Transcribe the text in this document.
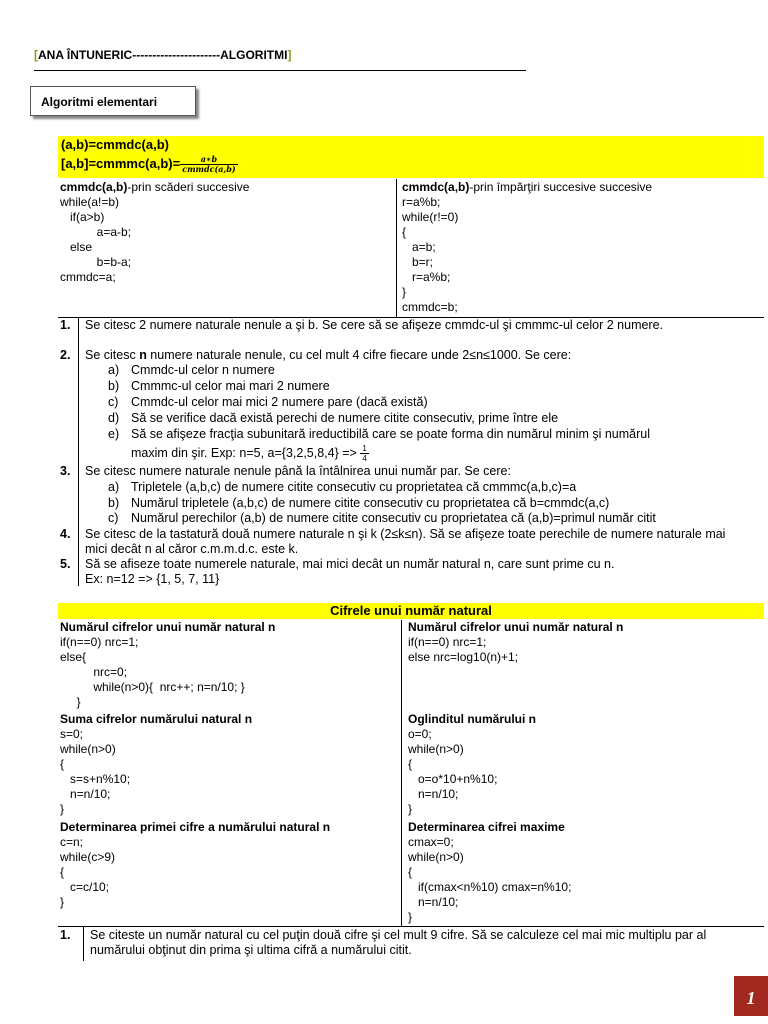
[ANA ÎNTUNERIC----------------------ALGORITMI]
Algoritmi elementari
(a,b)=cmmdc(a,b)
[a,b]=cmmmc(a,b)= $\frac{a∗b}{\text{cmmdc(a,b)}}$
cmmdc(a,b)-prin scăderi succesive
while(a!=b)
if(a>b)
a=a-b;
else
b=b-a;
cmmdc=a;
cmmdc(a,b)-prin împărţiri succesive succesive
r=a%b;
while(r!=0)
{
a=b;
b=r;
r=a%b;
}
cmmdc=b;
1. Se citesc 2 numere naturale nenule a şi b. Se cere să se afişeze cmmdc-ul şi cmmmc-ul celor 2 numere.
2. Se citesc n numere naturale nenule, cu cel mult 4 cifre fiecare unde 2≤n≤1000. Se cere:
a) Cmmdc-ul celor n numere
b) Cmmmc-ul celor mai mari 2 numere
c) Cmmdc-ul celor mai mici 2 numere pare (dacă există)
d) Să se verifice dacă există perechi de numere citite consecutiv, prime între ele
e) Să se afişeze fracţia subunitară ireductibilă care se poate forma din numărul minim şi numărul
maxim din şir. Exp: n=5, $a=\{3,2,5,8,4\} => \frac{1}{4}$
3. Se citesc numere naturale nenule până la întâlnirea unui număr par. Se cere:
a) Tripletele (a,b,c) de numere citite consecutiv cu proprietatea că cmmmc(a,b,c)=a
b) Numărul tripletele (a,b,c) de numere citite consecutiv cu proprietatea că b=cmmdc(a,c)
c) Numărul perechilor (a,b) de numere citite consecutiv cu proprietatea că (a,b)=primul număr citit
4. Se citesc de la tastatură două numere naturale n şi k (2≤k≤n). Să se afişeze toate perechile de numere naturale mai mici decât n al căror c.m.m.d.c. este k.
5. Să se afiseze toate numerele naturale, mai mici decât un număr natural n, care sunt prime cu n.
Ex: n=12 => {1, 5, 7, 11}
Cifrele unui număr natural
Numărul cifrelor unui număr natural n
if(n==0) nrc=1;
else{
nrc=0;
while(n>0){  nrc++; n=n/10; }
}
Numărul cifrelor unui număr natural n
if(n==0) nrc=1;
else nrc=log10(n)+1;
Suma cifrelor numărului natural n
s=0;
while(n>0)
{
s=s+n%10;
n=n/10;
}
Oglinditul numărului n
o=0;
while(n>0)
{
o=o*10+n%10;
n=n/10;
}
Determinarea primei cifre a numărului natural n
c=n;
while(c>9)
{
c=c/10;
}
Determinarea cifrei maxime
cmax=0;
while(n>0)
{
if(cmax<n%10) cmax=n%10;
n=n/10;
}
1. Se citeste un număr natural cu cel puţin două cifre şi cel mult 9 cifre. Să se calculeze cel mai mic multiplu par al numărului obţinut din prima şi ultima cifră a numărului citit.
1
